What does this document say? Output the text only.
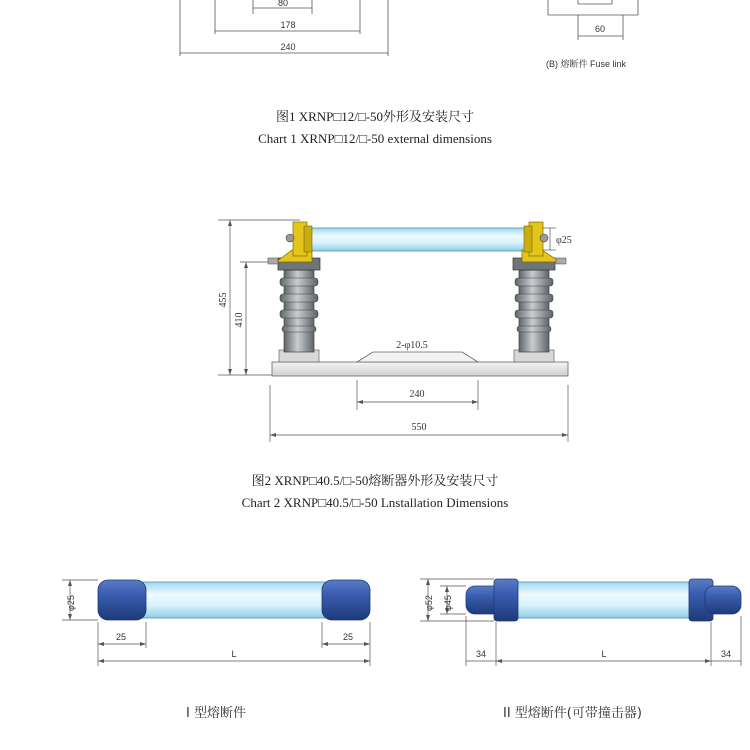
80
178
240
60
455
410
φ25
2-φ10.5
240
550
φ25
25	25
L
φ52 φ45
34	L	34
(B) 熔断件 Fuse link
图1 XRNP□12/□-50外形及安装尺寸
Chart 1 XRNP□12/□-50 external dimensions
图2 XRNP□40.5/□-50熔断器外形及安装尺寸
Chart 2 XRNP□40.5/□-50 Lnstallation Dimensions
I 型熔断件	II 型熔断件(可带撞击器)
